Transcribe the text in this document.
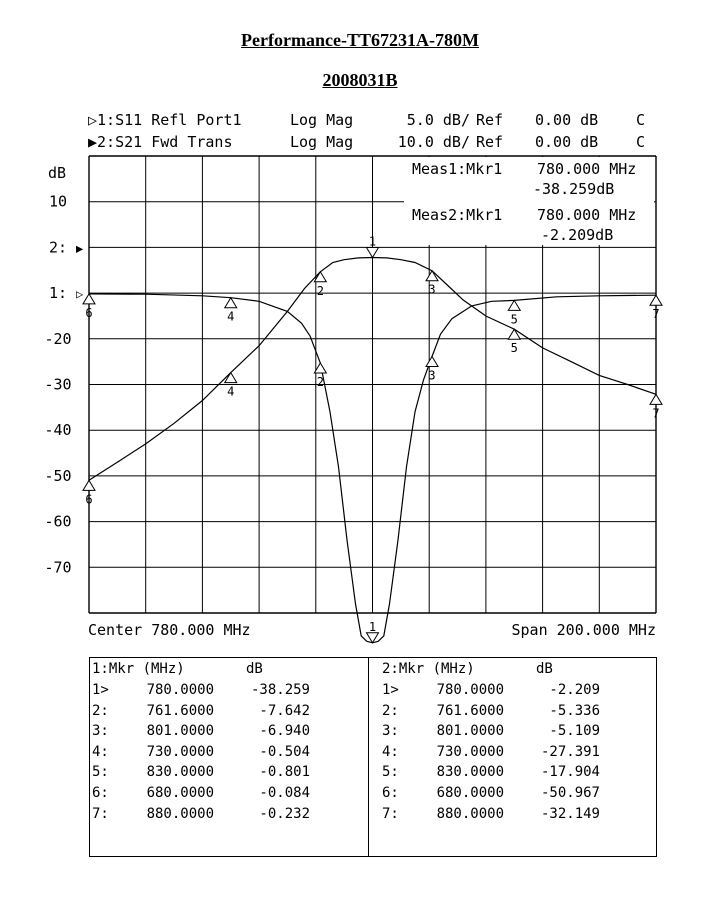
Performance-TT67231A-780M
2008031B
▷1:S11 Refl Port1	Log Mag	5.0 dB/ Ref 0.00 dB	C
▶2:S21 Fwd Trans	Log Mag	10.0 dB/ Ref 0.00 dB	C
10
2:
1:
-20
-30
-40
-50
-60
-70
▶
▷
1
2	3
4	5
6	7
1
2	3
4
5
6
7
dB	Meas1:Mkr1 780.000 MHz
-38.259dB
Meas2:Mkr1 780.000 MHz
-2.209dB
Center 780.000 MHz	Span 200.000 MHz
1:Mkr (MHz)	dB
1>	780.0000	-38.259
2:	761.6000	-7.642
3:	801.0000	-6.940
4:	730.0000	-0.504
5:	830.0000	-0.801
6:	680.0000	-0.084
7:	880.0000	-0.232
2:Mkr (MHz)	dB
1>	780.0000	-2.209
2:	761.6000	-5.336
3:	801.0000	-5.109
4:	730.0000	-27.391
5:	830.0000	-17.904
6:	680.0000	-50.967
7:	880.0000	-32.149
